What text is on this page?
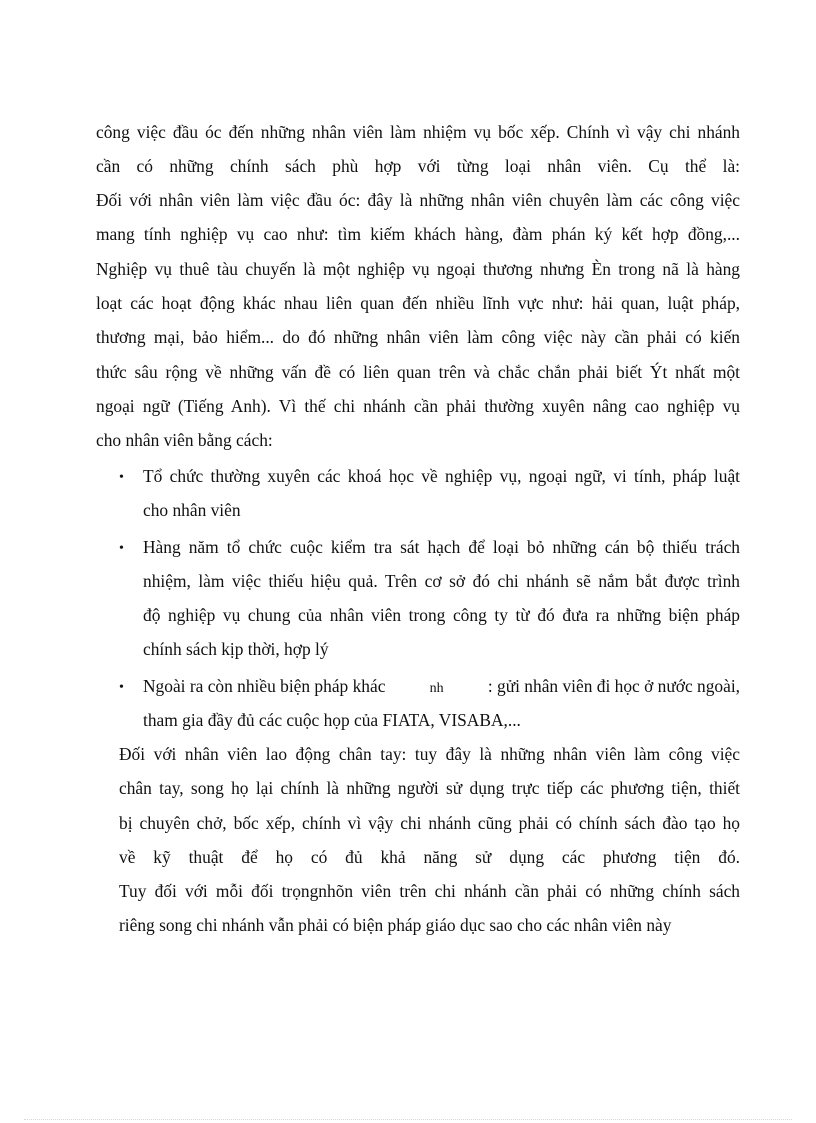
công việc đầu óc đến những nhân viên làm nhiệm vụ bốc xếp. Chính vì vậy chi nhánh
cần có những chính sách phù hợp với từng loại nhân viên. Cụ thể là:
Đối với nhân viên làm việc đầu óc: đây là những nhân viên chuyên làm các công việc
mang tính nghiệp vụ cao như: tìm kiếm khách hàng, đàm phán ký kết hợp đồng,...
Nghiệp vụ thuê tàu chuyến là một nghiệp vụ ngoại thương nhưng Èn trong nã là hàng
loạt các hoạt động khác nhau liên quan đến nhiều lĩnh vực như: hải quan, luật pháp,
thương mại, bảo hiểm... do đó những nhân viên làm công việc này cần phải có kiến
thức sâu rộng về những vấn đề có liên quan trên và chắc chắn phải biết Ýt nhất một
ngoại ngữ (Tiếng Anh). Vì thế chi nhánh cần phải thường xuyên nâng cao nghiệp vụ
cho nhân viên bằng cách:
• Tổ chức thường xuyên các khoá học về nghiệp vụ, ngoại ngữ, vi tính, pháp luật
cho nhân viên
• Hàng năm tổ chức cuộc kiểm tra sát hạch để loại bỏ những cán bộ thiếu trách
nhiệm, làm việc thiếu hiệu quả. Trên cơ sở đó chi nhánh sẽ nắm bắt được trình
độ nghiệp vụ chung của nhân viên trong công ty từ đó đưa ra những biện pháp
chính sách kịp thời, hợp lý
• Ngoài ra còn nhiều biện pháp khác	nh	: gửi nhân viên đi học ở nước ngoài,
tham gia đầy đủ các cuộc họp của FIATA, VISABA,...
Đối với nhân viên lao động chân tay: tuy đây là những nhân viên làm công việc
chân tay, song họ lại chính là những người sử dụng trực tiếp các phương tiện, thiết
bị chuyên chở, bốc xếp, chính vì vậy chi nhánh cũng phải có chính sách đào tạo họ
về kỹ thuật để họ có đủ khả năng sử dụng các phương tiện đó.
Tuy đối với mỗi đối trọngnhõn viên trên chi nhánh cần phải có những chính sách
riêng song chi nhánh vẫn phải có biện pháp giáo dục sao cho các nhân viên này
